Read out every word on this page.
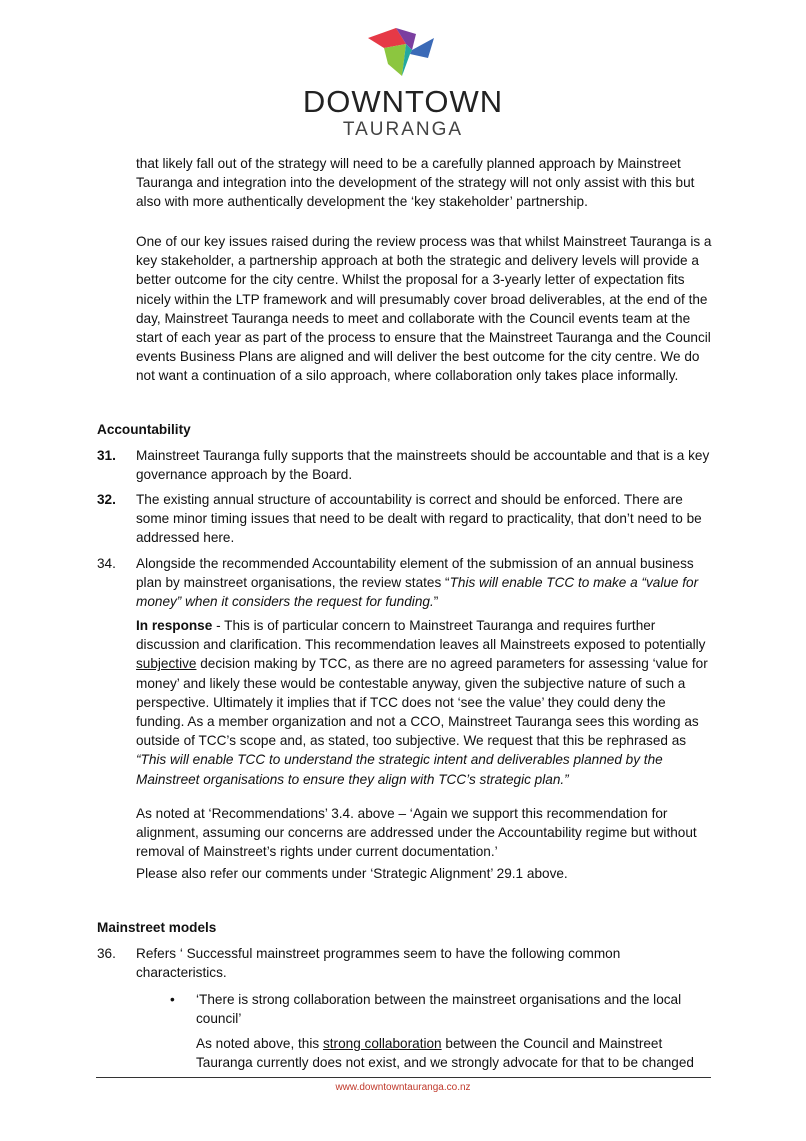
DOWNTOWN
TAURANGA

that likely fall out of the strategy will need to be a carefully planned approach by Mainstreet Tauranga and integration into the development of the strategy will not only assist with this but also with more authentically development the ‘key stakeholder’ partnership.

One of our key issues raised during the review process was that whilst Mainstreet Tauranga is a key stakeholder, a partnership approach at both the strategic and delivery levels will provide a better outcome for the city centre. Whilst the proposal for a 3-yearly letter of expectation fits nicely within the LTP framework and will presumably cover broad deliverables, at the end of the day, Mainstreet Tauranga needs to meet and collaborate with the Council events team at the start of each year as part of the process to ensure that the Mainstreet Tauranga and the Council events Business Plans are aligned and will deliver the best outcome for the city centre. We do not want a continuation of a silo approach, where collaboration only takes place informally.

Accountability

31. Mainstreet Tauranga fully supports that the mainstreets should be accountable and that is a key governance approach by the Board.

32. The existing annual structure of accountability is correct and should be enforced. There are some minor timing issues that need to be dealt with regard to practicality, that don’t need to be addressed here.

34. Alongside the recommended Accountability element of the submission of an annual business plan by mainstreet organisations, the review states “This will enable TCC to make a “value for money” when it considers the request for funding.”

In response - This is of particular concern to Mainstreet Tauranga and requires further discussion and clarification. This recommendation leaves all Mainstreets exposed to potentially subjective decision making by TCC, as there are no agreed parameters for assessing ‘value for money’ and likely these would be contestable anyway, given the subjective nature of such a perspective. Ultimately it implies that if TCC does not ‘see the value’ they could deny the funding. As a member organization and not a CCO, Mainstreet Tauranga sees this wording as outside of TCC’s scope and, as stated, too subjective. We request that this be rephrased as “This will enable TCC to understand the strategic intent and deliverables planned by the Mainstreet organisations to ensure they align with TCC’s strategic plan.”

As noted at ‘Recommendations’ 3.4. above – ‘Again we support this recommendation for alignment, assuming our concerns are addressed under the Accountability regime but without removal of Mainstreet’s rights under current documentation.’

Please also refer our comments under ‘Strategic Alignment’ 29.1 above.

Mainstreet models

36. Refers ‘ Successful mainstreet programmes seem to have the following common characteristics.

• ‘There is strong collaboration between the mainstreet organisations and the local council’

As noted above, this strong collaboration between the Council and Mainstreet Tauranga currently does not exist, and we strongly advocate for that to be changed

www.downtowntauranga.co.nz
